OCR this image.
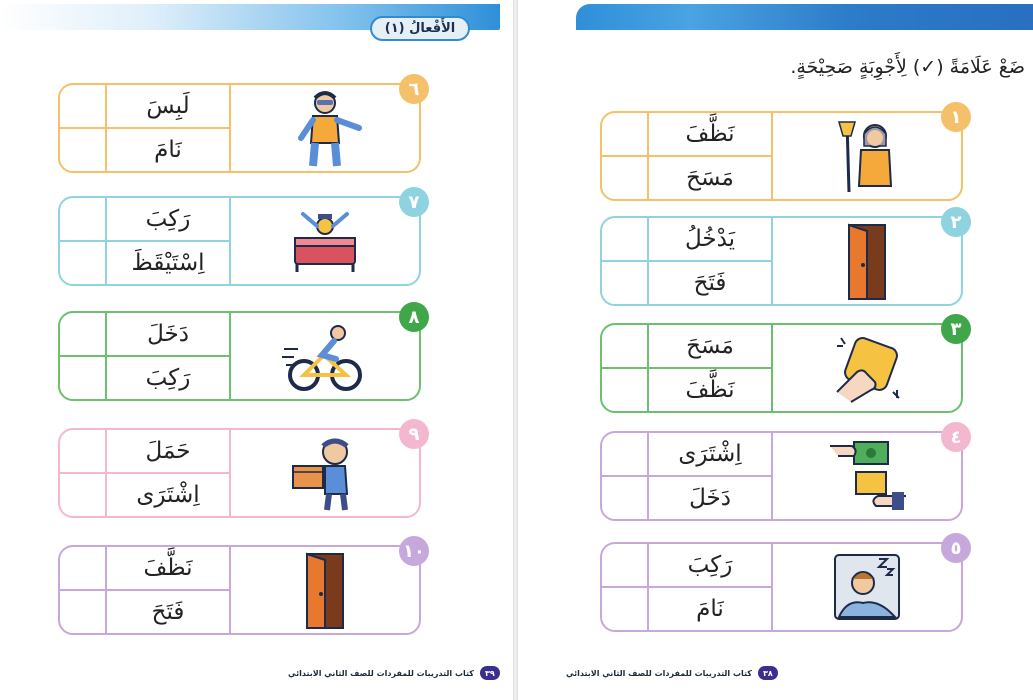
الأَفْعالُ (١)
لَبِسَ
نَامَ
٦
رَكِبَ
اِسْتَيْقَظَ
٧
دَخَلَ
رَكِبَ
٨
حَمَلَ
اِشْتَرَى
٩
نَظَّفَ
فَتَحَ
١٠
٣٩
كتاب التدريبات للمفردات للصف الثاني الابتدائي
ضَعْ عَلَامَةً (✓) لِأَجْوِبَةٍ صَحِيْحَةٍ.
نَظَّفَ
مَسَحَ
١
يَدْخُلُ
فَتَحَ
٢
مَسَحَ
نَظَّفَ
٣
اِشْتَرَى
دَخَلَ
٤
رَكِبَ
نَامَ
٥
٣٨
كتاب التدريبات للمفردات للصف الثاني الابتدائي
